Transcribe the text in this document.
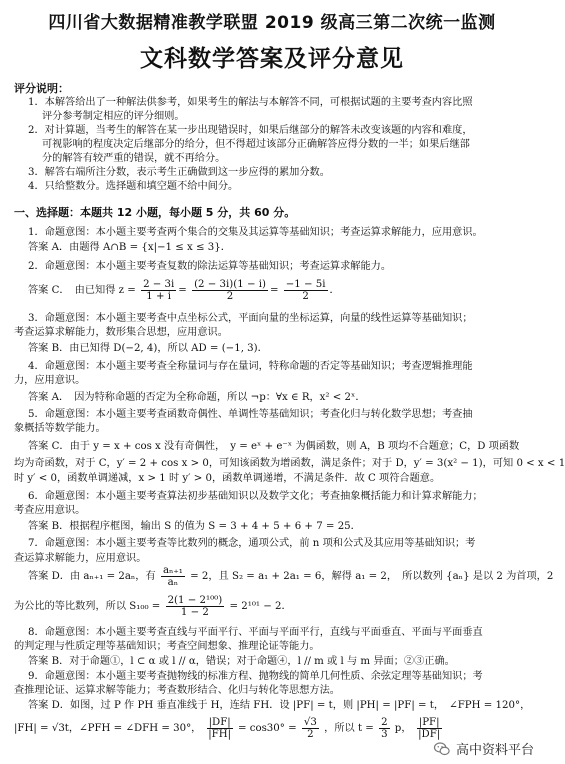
四川省大数据精准教学联盟 2019 级高三第二次统一监测
文科数学答案及评分意见
评分说明：
1．本解答给出了一种解法供参考，如果考生的解法与本解答不同，可根据试题的主要考查内容比照
评分参考制定相应的评分细则。
2．对计算题，当考生的解答在某一步出现错误时，如果后继部分的解答未改变该题的内容和难度，
可视影响的程度决定后继部分的给分，但不得超过该部分正确解答应得分数的一半；如果后继部
分的解答有较严重的错误，就不再给分。
3．解答右端所注分数，表示考生正确做到这一步应得的累加分数。
4．只给整数分。选择题和填空题不给中间分。
一、选择题：本题共 12 小题，每小题 5 分，共 60 分。
1．命题意图：本小题主要考查两个集合的交集及其运算等基础知识；考查运算求解能力，应用意识。
答案 A．由题得 A∩B = {x|−1 ≤ x ≤ 3}．
2．命题意图：本小题主要考查复数的除法运算等基础知识；考查运算求解能力。
答案 C．　由已知得 $z = \frac{2 - 3i}{1 + i} = \frac{(2 - 3i)(1 - i)}{2} = \frac{-1 - 5i}{2}$ ．
3．命题意图：本小题主要考查中点坐标公式，平面向量的坐标运算，向量的线性运算等基础知识；
考查运算求解能力，数形集合思想，应用意识。
答案 B．由已知得 D(−2, 4)，所以 AD = (−1, 3)．
4．命题意图：本小题主要考查全称量词与存在量词，特称命题的否定等基础知识；考查逻辑推理能
力，应用意识。
答案 A．　因为特称命题的否定为全称命题，所以 ¬p：∀x ∈ R，x² < 2ˣ．
5．命题意图：本小题主要考查函数奇偶性、单调性等基础知识；考查化归与转化数学思想；考查抽
象概括等数学能力。
答案 C．由于 y = x + cos x 没有奇偶性，　y = eˣ + e⁻ˣ 为偶函数，则 A，B 项均不合题意；C，D 项函数
均为奇函数，对于 C，y′ = 2 + cos x > 0，可知该函数为增函数，满足条件；对于 D，y′ = 3(x² − 1)，可知 0 < x < 1
时 y′ < 0，函数单调递减，x > 1 时 y′ > 0，函数单调递增，不满足条件．故 C 项符合题意。
6．命题意图：本小题主要考查算法初步基础知识以及数学文化；考查抽象概括能力和计算求解能力；
考查应用意识。
答案 B．根据程序框图，输出 S 的值为 S = 3 + 4 + 5 + 6 + 7 = 25．
7．命题意图：本小题主要考查等比数列的概念，通项公式，前 n 项和公式及其应用等基础知识；考
查运算求解能力，应用意识。
答案 D．由 aₙ₊₁ = 2aₙ，有 $\frac{\text{aₙ₊₁}}{\text{aₙ}} = 2$，且 S₂ = a₁ + 2a₁ = 6，解得 a₁ = 2，　所以数列 {aₙ} 是以 2 为首项，2
为公比的等比数列，所以 $S_{100} = \frac{\text{2(1 − 2¹⁰⁰)}}{1 - 2} = 2^{101} - 2$．
8．命题意图：本小题主要考查直线与平面平行、平面与平面平行，直线与平面垂直、平面与平面垂直
的判定理与性质定理等基础知识；考查空间想象、推理论证等能力。
答案 B．对于命题①，l ⊂ α 或 l // α，错误；对于命题④，l // m 或 l 与 m 异面；②③正确。
9．命题意图：本小题主要考查抛物线的标准方程、抛物线的简单几何性质、余弦定理等基础知识；考
查推理论证、运算求解等能力；考查数形结合、化归与转化等思想方法。
答案 D．如图，过 P 作 PH 垂直准线于 H，连结 FH．设 |PF| = t，则 |PH| = |PF| = t，　∠FPH = 120°，
|FH| = √3t，∠PFH = ∠DFH = 30°， $\frac{|DF|}{|FH|} = \cos 30^\circ = \frac{√3}{2}$ ，所以 $t = \frac{2}{3}$ p， $\frac{|PF|}{|DF|}$
高中资料平台
